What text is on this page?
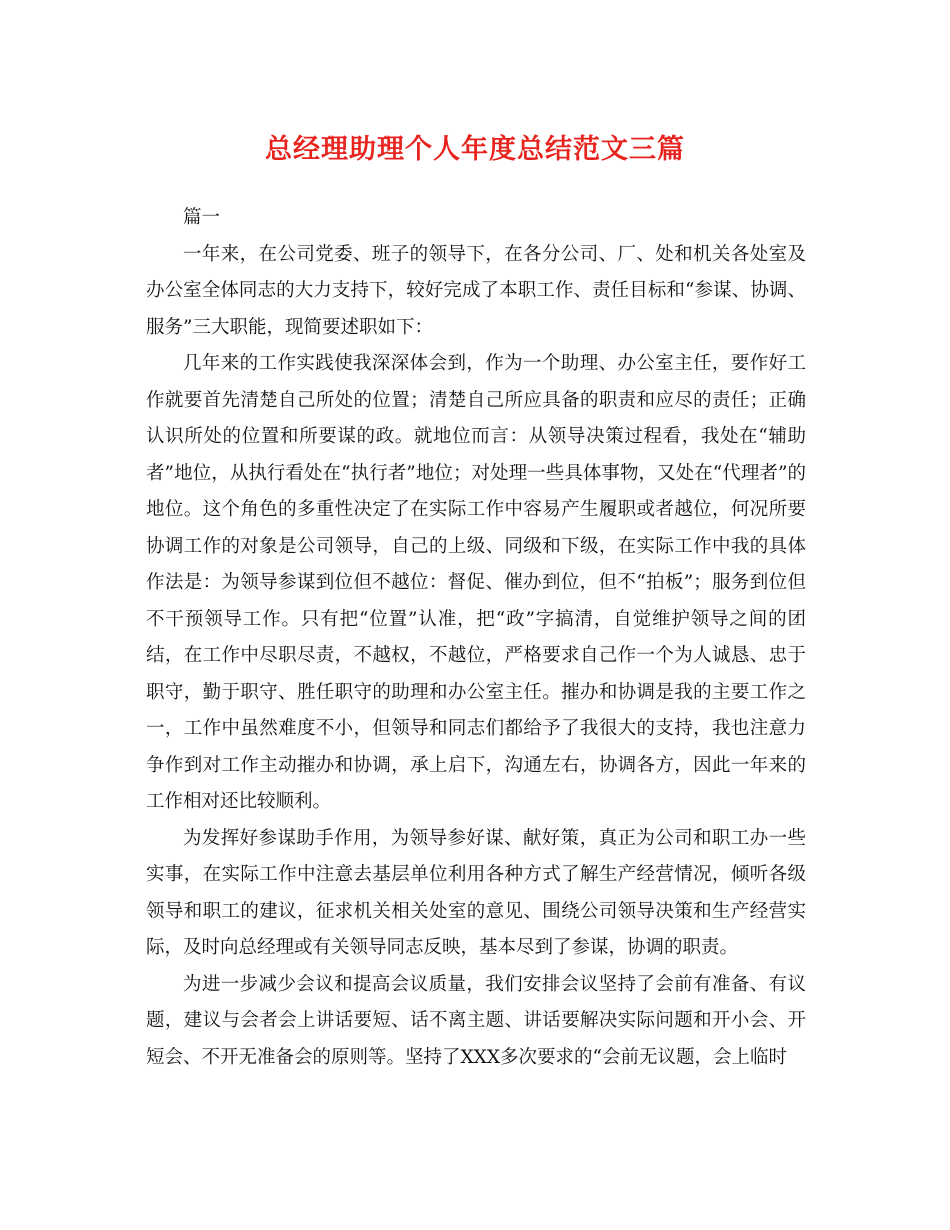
总经理助理个人年度总结范文三篇

篇一

一年来，在公司党委、班子的领导下，在各分公司、厂、处和机关各处室及办公室全体同志的大力支持下，较好完成了本职工作、责任目标和“参谋、协调、服务”三大职能，现简要述职如下：

几年来的工作实践使我深深体会到，作为一个助理、办公室主任，要作好工作就要首先清楚自己所处的位置；清楚自己所应具备的职责和应尽的责任；正确认识所处的位置和所要谋的政。就地位而言：从领导决策过程看，我处在“辅助者”地位，从执行看处在“执行者”地位；对处理一些具体事物，又处在“代理者”的地位。这个角色的多重性决定了在实际工作中容易产生履职或者越位，何况所要协调工作的对象是公司领导，自己的上级、同级和下级，在实际工作中我的具体作法是：为领导参谋到位但不越位：督促、催办到位，但不“拍板”；服务到位但不干预领导工作。只有把“位置”认准，把“政”字搞清，自觉维护领导之间的团结，在工作中尽职尽责，不越权，不越位，严格要求自己作一个为人诚恳、忠于职守，勤于职守、胜任职守的助理和办公室主任。摧办和协调是我的主要工作之一，工作中虽然难度不小，但领导和同志们都给予了我很大的支持，我也注意力争作到对工作主动摧办和协调，承上启下，沟通左右，协调各方，因此一年来的工作相对还比较顺利。

为发挥好参谋助手作用，为领导参好谋、献好策，真正为公司和职工办一些实事，在实际工作中注意去基层单位利用各种方式了解生产经营情况，倾听各级领导和职工的建议，征求机关相关处室的意见、围绕公司领导决策和生产经营实际，及时向总经理或有关领导同志反映，基本尽到了参谋，协调的职责。

为进一步减少会议和提高会议质量，我们安排会议坚持了会前有准备、有议题，建议与会者会上讲话要短、话不离主题、讲话要解决实际问题和开小会、开短会、不开无准备会的原则等。坚持了XXX多次要求的“会前无议题，会上临时
